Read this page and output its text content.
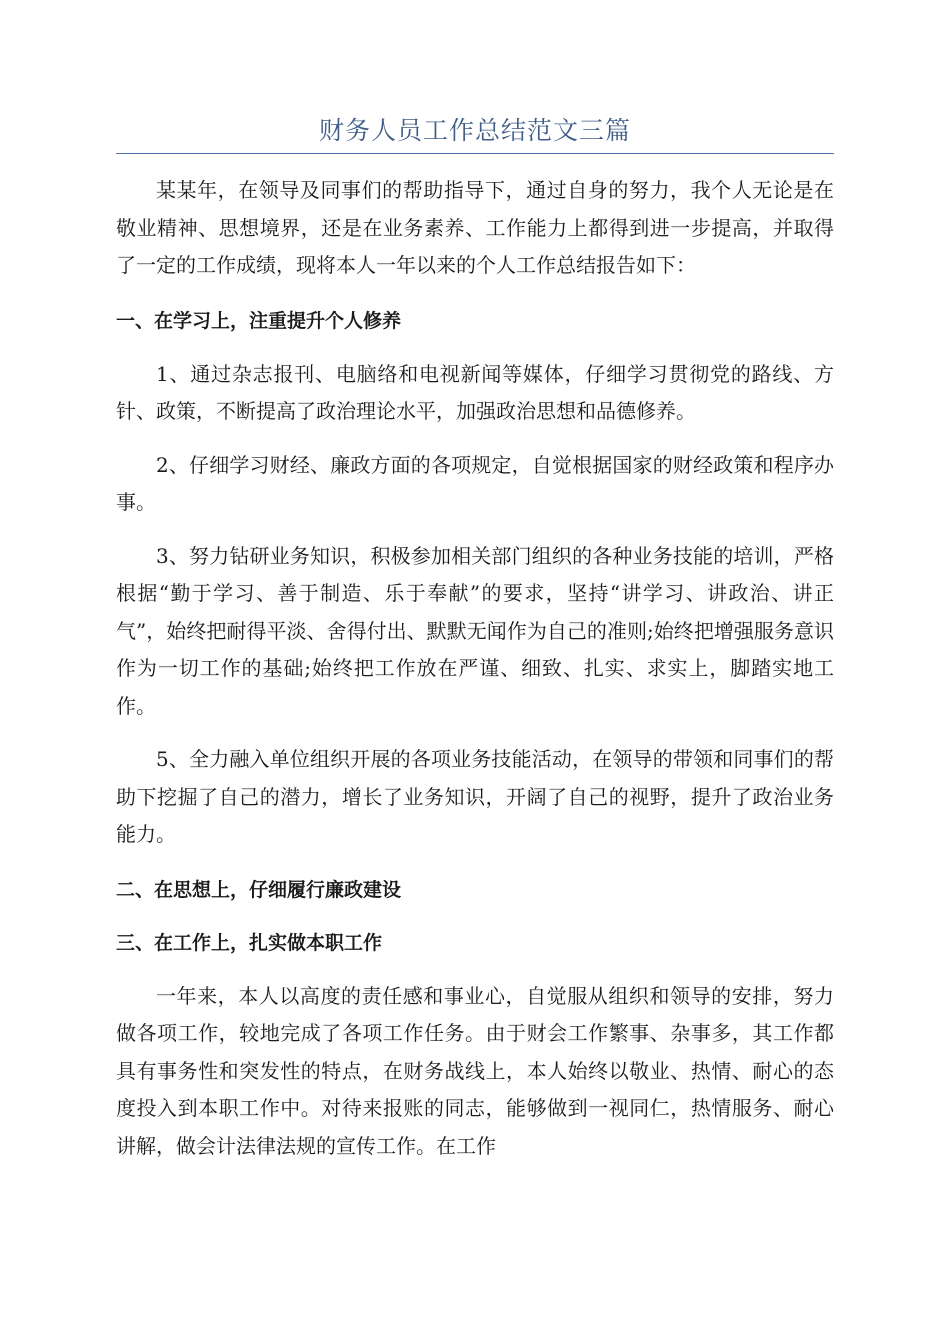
财务人员工作总结范文三篇

某某年，在领导及同事们的帮助指导下，通过自身的努力，我个人无论是在敬业精神、思想境界，还是在业务素养、工作能力上都得到进一步提高，并取得了一定的工作成绩，现将本人一年以来的个人工作总结报告如下：

一、在学习上，注重提升个人修养

1、通过杂志报刊、电脑络和电视新闻等媒体，仔细学习贯彻党的路线、方针、政策，不断提高了政治理论水平，加强政治思想和品德修养。

2、仔细学习财经、廉政方面的各项规定，自觉根据国家的财经政策和程序办事。

3、努力钻研业务知识，积极参加相关部门组织的各种业务技能的培训，严格根据“勤于学习、善于制造、乐于奉献”的要求，坚持“讲学习、讲政治、讲正气”，始终把耐得平淡、舍得付出、默默无闻作为自己的准则;始终把增强服务意识作为一切工作的基础;始终把工作放在严谨、细致、扎实、求实上，脚踏实地工作。

5、全力融入单位组织开展的各项业务技能活动，在领导的带领和同事们的帮助下挖掘了自己的潜力，增长了业务知识，开阔了自己的视野，提升了政治业务能力。

二、在思想上，仔细履行廉政建设

三、在工作上，扎实做本职工作

一年来，本人以高度的责任感和事业心，自觉服从组织和领导的安排，努力做各项工作，较地完成了各项工作任务。由于财会工作繁事、杂事多，其工作都具有事务性和突发性的特点，在财务战线上，本人始终以敬业、热情、耐心的态度投入到本职工作中。对待来报账的同志，能够做到一视同仁，热情服务、耐心讲解，做会计法律法规的宣传工作。在工作
